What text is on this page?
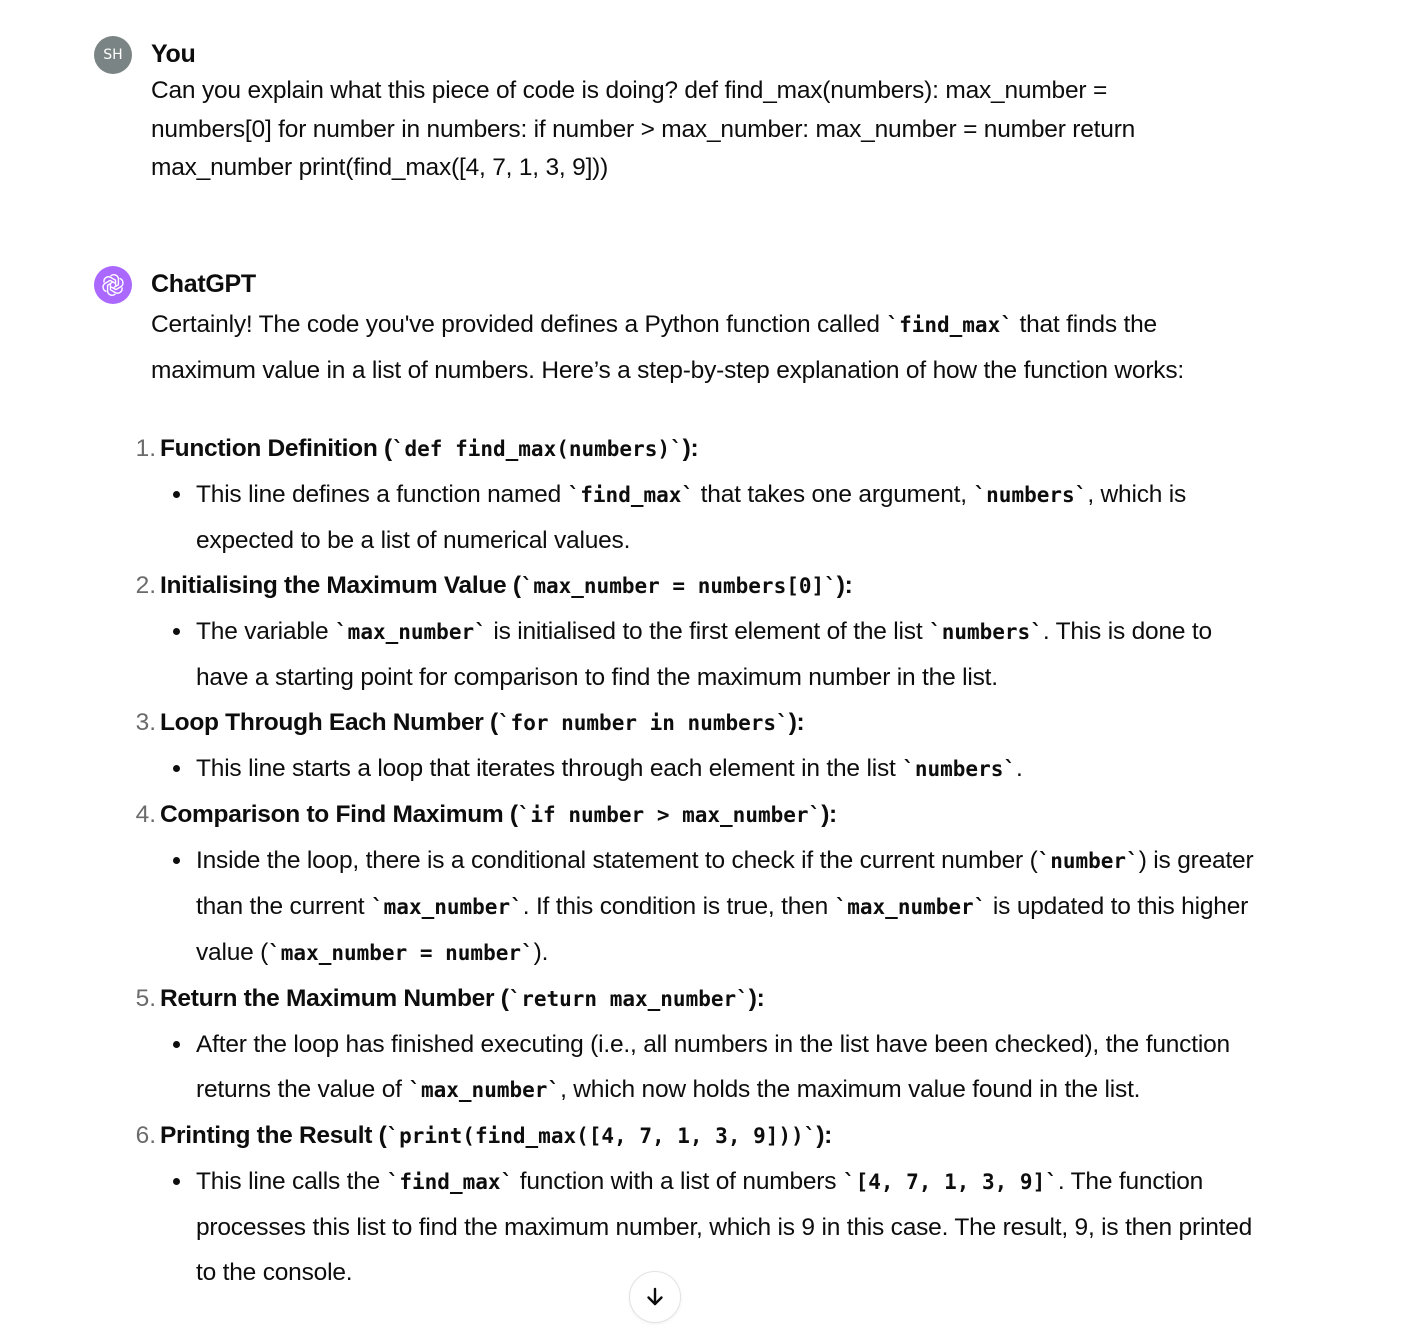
SH You
Can you explain what this piece of code is doing? def find_max(numbers): max_number = numbers[0] for number in numbers: if number > max_number: max_number = number return max_number print(find_max([4, 7, 1, 3, 9]))
ChatGPT

Certainly! The code you've provided defines a Python function called `find_max` that finds the maximum value in a list of numbers. Here’s a step-by-step explanation of how the function works:

1. Function Definition (`def find_max(numbers)`):
This line defines a function named `find_max` that takes one argument, `numbers`, which is expected to be a list of numerical values.
2. Initialising the Maximum Value (`max_number = numbers[0]`):
The variable `max_number` is initialised to the first element of the list `numbers`. This is done to have a starting point for comparison to find the maximum number in the list.
3. Loop Through Each Number (`for number in numbers`):
This line starts a loop that iterates through each element in the list `numbers`.
4. Comparison to Find Maximum (`if number > max_number`):
Inside the loop, there is a conditional statement to check if the current number (`number`) is greater than the current `max_number`. If this condition is true, then `max_number` is updated to this higher value (`max_number = number`).
5. Return the Maximum Number (`return max_number`):
After the loop has finished executing (i.e., all numbers in the list have been checked), the function returns the value of `max_number`, which now holds the maximum value found in the list.
6. Printing the Result (`print(find_max([4, 7, 1, 3, 9]))`):
This line calls the `find_max` function with a list of numbers `[4, 7, 1, 3, 9]`. The function processes this list to find the maximum number, which is 9 in this case. The result, 9, is then printed to the console.
